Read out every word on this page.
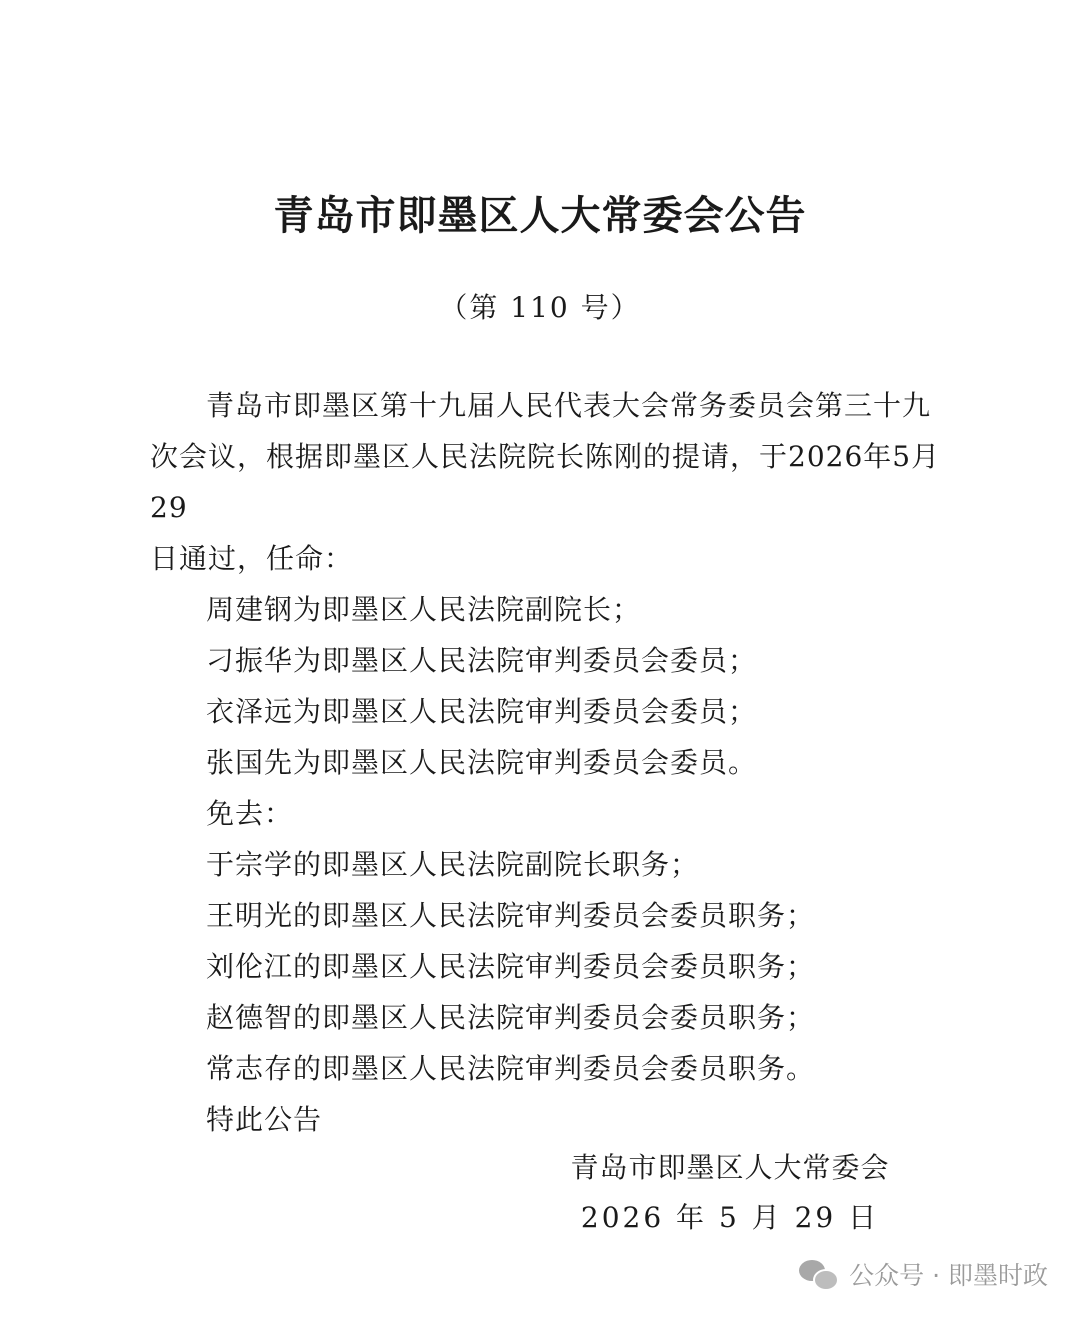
青岛市即墨区人大常委会公告
（第 110 号）

青岛市即墨区第十九届人民代表大会常务委员会第三十九

次会议，根据即墨区人民法院院长陈刚的提请，于2026年5月29

日通过，任命：

周建钢为即墨区人民法院副院长；

刁振华为即墨区人民法院审判委员会委员；

衣泽远为即墨区人民法院审判委员会委员；

张国先为即墨区人民法院审判委员会委员。

免去：

于宗学的即墨区人民法院副院长职务；

王明光的即墨区人民法院审判委员会委员职务；

刘伦江的即墨区人民法院审判委员会委员职务；

赵德智的即墨区人民法院审判委员会委员职务；

常志存的即墨区人民法院审判委员会委员职务。

特此公告

青岛市即墨区人大常委会
2026 年 5 月 29 日
公众号 · 即墨时政
